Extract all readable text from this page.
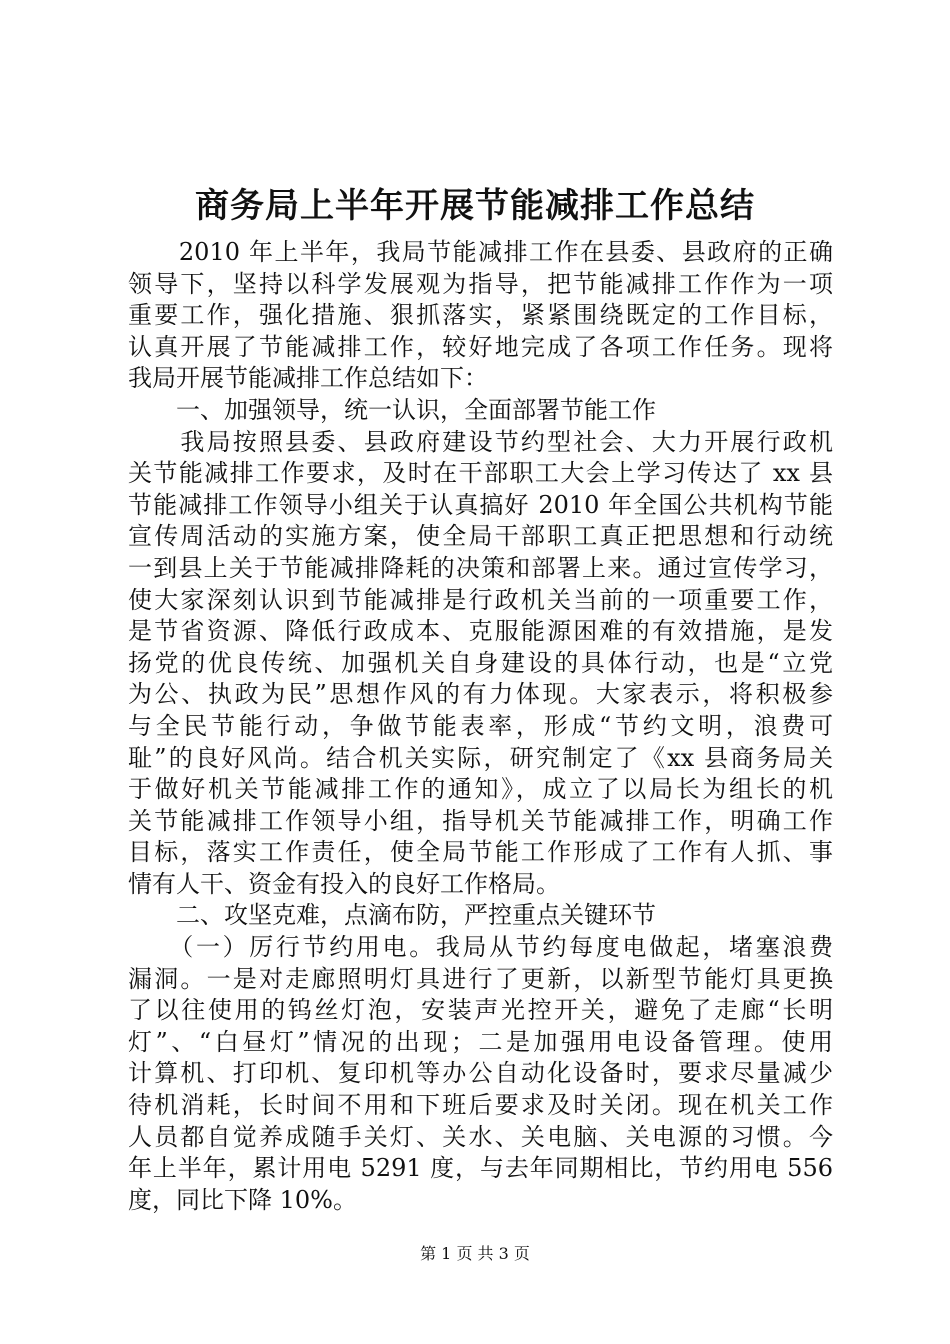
商务局上半年开展节能减排工作总结
　　2010 年上半年，我局节能减排工作在县委、县政府的正确
领导下，坚持以科学发展观为指导，把节能减排工作作为一项
重要工作，强化措施、狠抓落实，紧紧围绕既定的工作目标，
认真开展了节能减排工作，较好地完成了各项工作任务。现将
我局开展节能减排工作总结如下：
　　一、加强领导，统一认识，全面部署节能工作
　　我局按照县委、县政府建设节约型社会、大力开展行政机
关节能减排工作要求，及时在干部职工大会上学习传达了 xx 县
节能减排工作领导小组关于认真搞好 2010 年全国公共机构节能
宣传周活动的实施方案，使全局干部职工真正把思想和行动统
一到县上关于节能减排降耗的决策和部署上来。通过宣传学习，
使大家深刻认识到节能减排是行政机关当前的一项重要工作，
是节省资源、降低行政成本、克服能源困难的有效措施，是发
扬党的优良传统、加强机关自身建设的具体行动，也是“立党
为公、执政为民”思想作风的有力体现。大家表示，将积极参
与全民节能行动，争做节能表率，形成“节约文明，浪费可
耻”的良好风尚。结合机关实际，研究制定了《xx 县商务局关
于做好机关节能减排工作的通知》，成立了以局长为组长的机
关节能减排工作领导小组，指导机关节能减排工作，明确工作
目标，落实工作责任，使全局节能工作形成了工作有人抓、事
情有人干、资金有投入的良好工作格局。
　　二、攻坚克难，点滴布防，严控重点关键环节
　　（一）厉行节约用电。我局从节约每度电做起，堵塞浪费
漏洞。一是对走廊照明灯具进行了更新，以新型节能灯具更换
了以往使用的钨丝灯泡，安装声光控开关，避免了走廊“长明
灯”、“白昼灯”情况的出现；二是加强用电设备管理。使用
计算机、打印机、复印机等办公自动化设备时，要求尽量减少
待机消耗，长时间不用和下班后要求及时关闭。现在机关工作
人员都自觉养成随手关灯、关水、关电脑、关电源的习惯。今
年上半年，累计用电 5291 度，与去年同期相比，节约用电 556
度，同比下降 10%。
第 1 页 共 3 页
